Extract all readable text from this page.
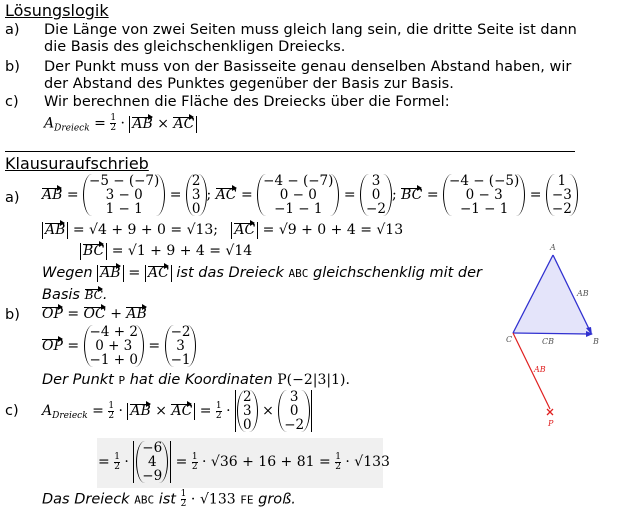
Lösungslogik
a) Die Länge von zwei Seiten muss gleich lang sein, die dritte Seite ist dann
die Basis des gleichschenkligen Dreiecks.
b) Der Punkt muss von der Basisseite genau denselben Abstand haben, wir
der Abstand des Punktes gegenüber der Basis zur Basis.
c) Wir berechnen die Fläche des Dreiecks über die Formel:
$A_{Dreieck} = \frac{1}{2}$ · AB × AC
Klausuraufschrieb
a) AB =
−5 − (−7)
3 − 0
1 − 1
=
2
3
0
; AC =
−4 − (−7)
0 − 0
−1 − 1
=
3
0
−2
; BC =
−4 − (−5)
0 − 3
−1 − 1
=
1
−3
−2
AB = √4 + 9 + 0 = √13; AC = √9 + 0 + 4 = √13
BC = √1 + 9 + 4 = √14
Wegen AB = AC ist das Dreieck ABC gleichschenklig mit der
Basis BC.
b) OP = OC + AB
OP =
−4 + 2
0 + 3
−1 + 0
=
−2
3
−1
Der Punkt P hat die Koordinaten P(−2|3|1).
c) $A_{Dreieck} = \frac{1}{2}$ · AB × AC = $\frac{1}{2}$ ·
2
3
0
×
3
0
−2
= $\frac{1}{2}$ ·
−6
4
−9
= $\frac{1}{2} \cdot √36 + 16 + 81 = \frac{1}{2} \cdot √133$
Das Dreieck ABC ist $\frac{1}{2} \cdot √133$ FE groß.
A
B
C
AB
CB
AB
P
